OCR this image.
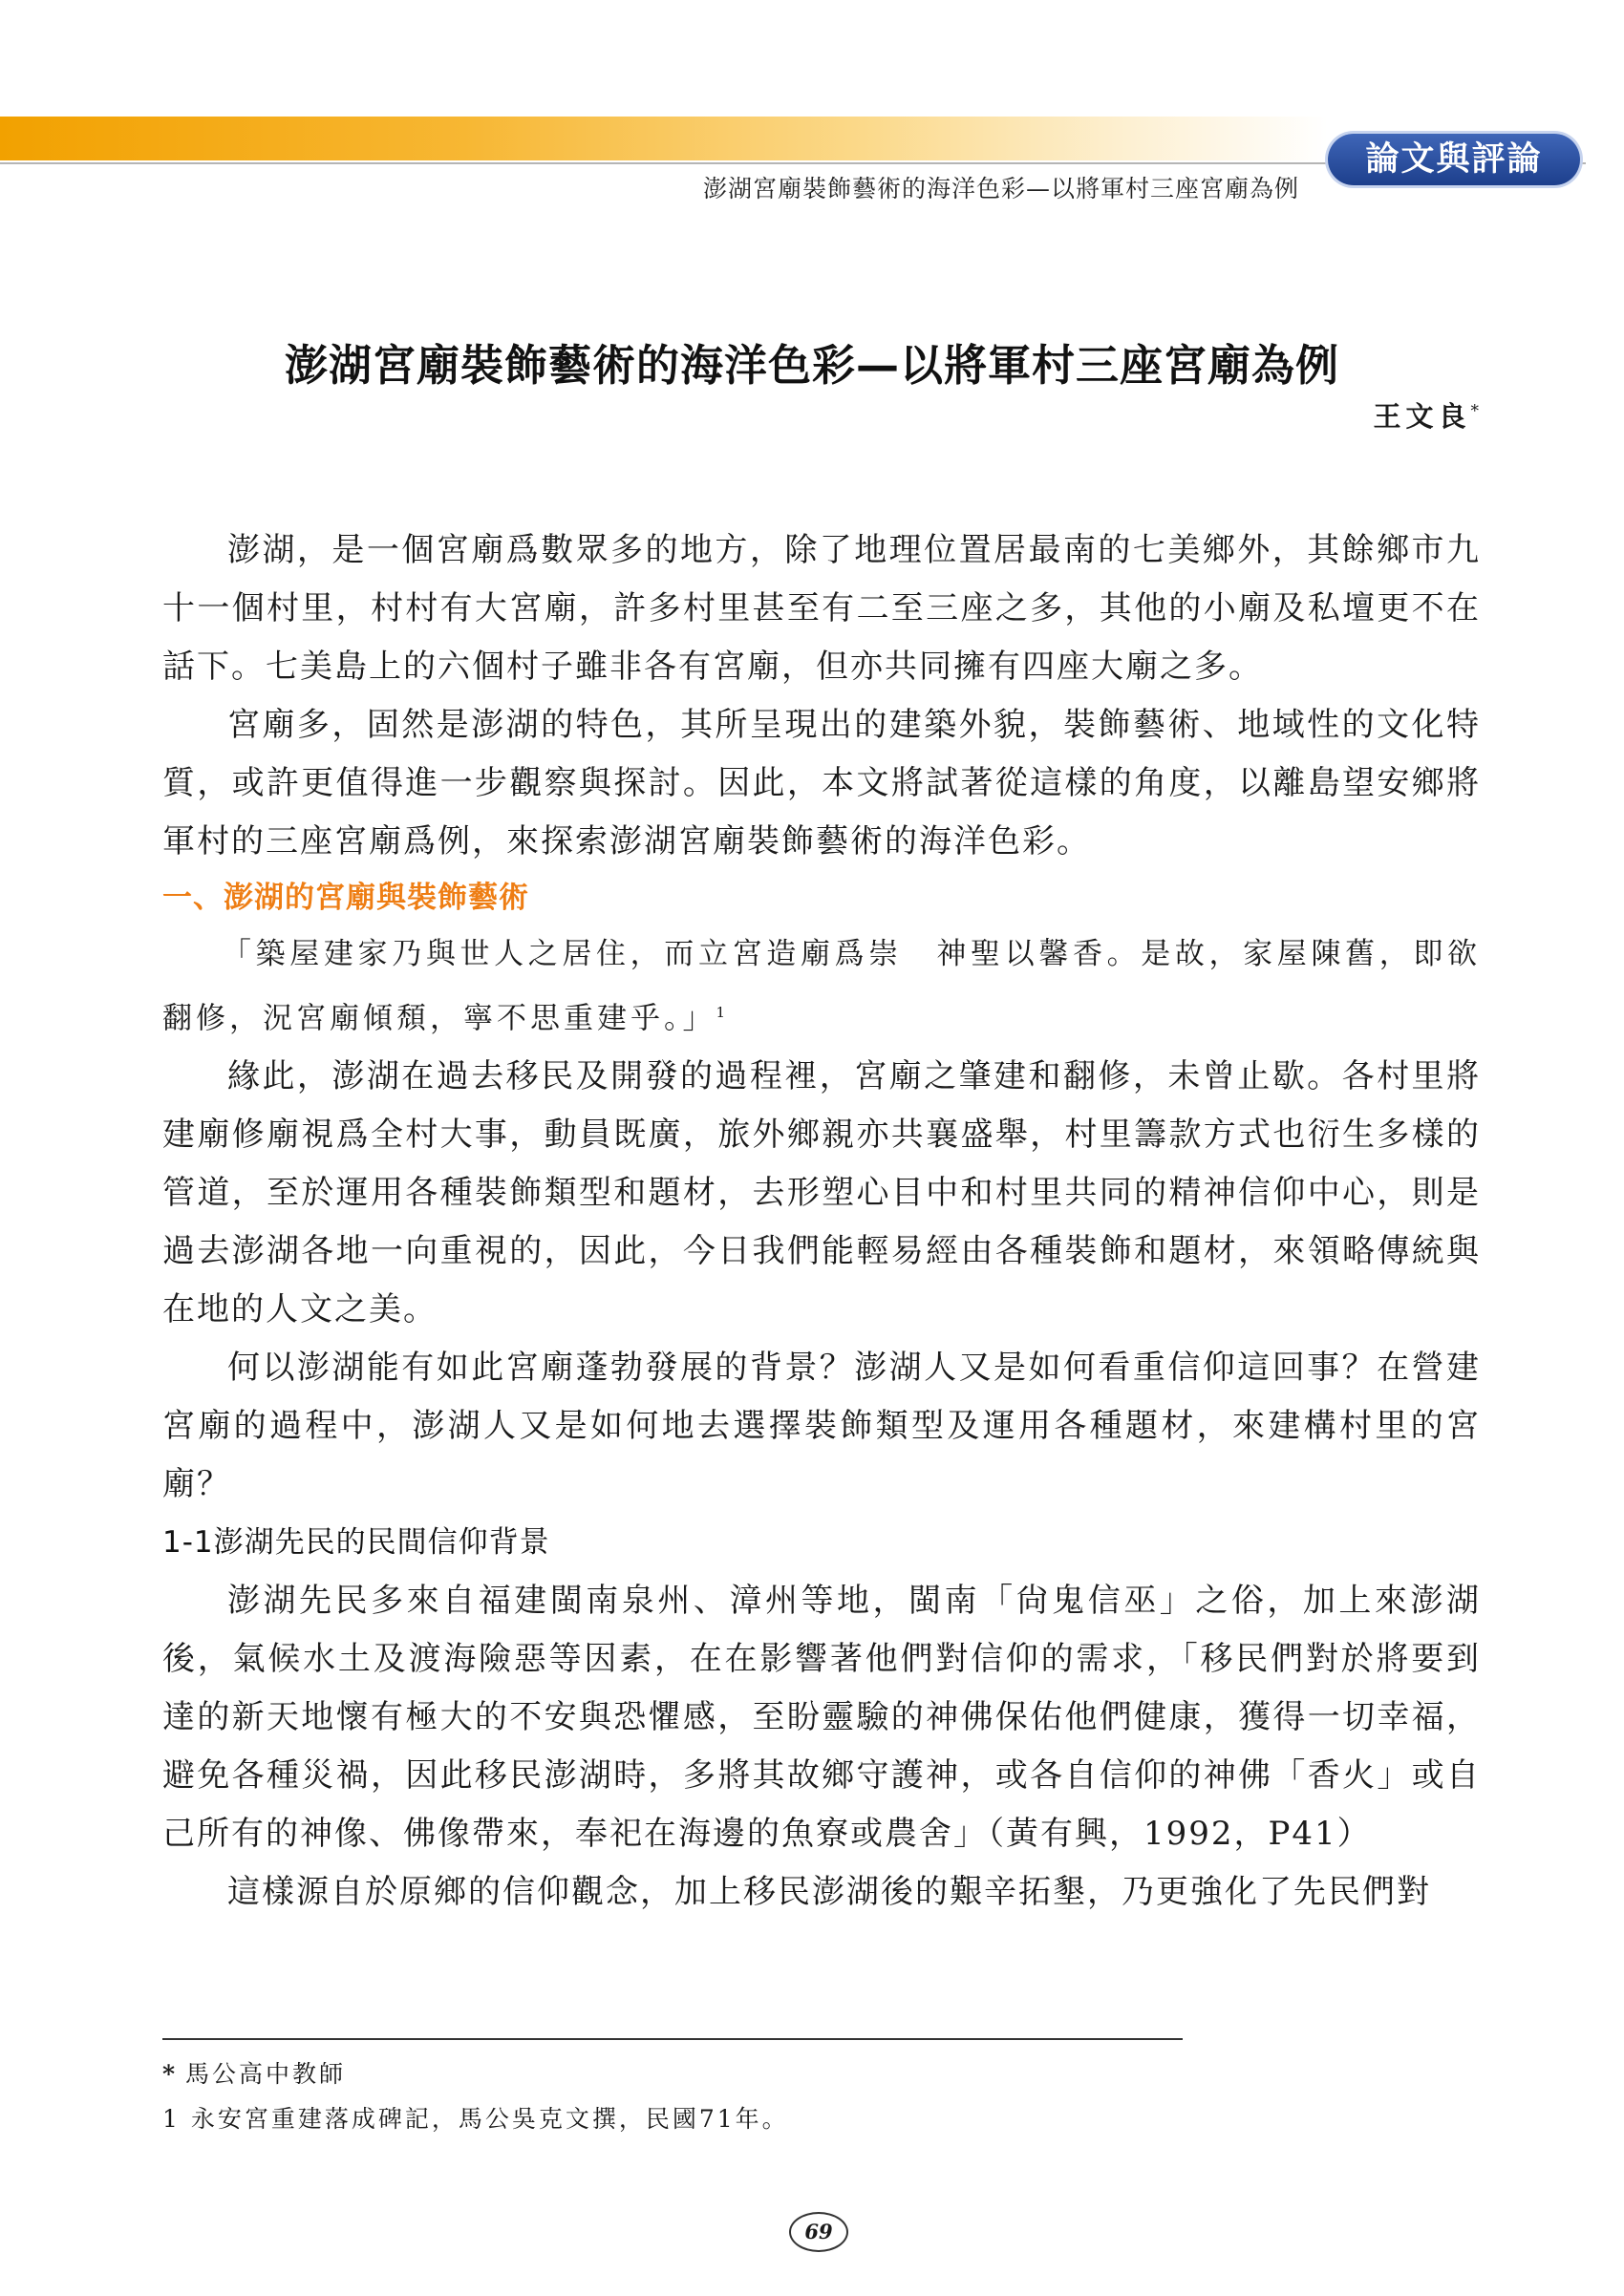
論文與評論
澎湖宮廟裝飾藝術的海洋色彩—以將軍村三座宮廟為例
澎湖宮廟裝飾藝術的海洋色彩—以將軍村三座宮廟為例
王文良*

澎湖，是一個宮廟爲數眾多的地方，除了地理位置居最南的七美鄉外，其餘鄉市九十一個村里，村村有大宮廟，許多村里甚至有二至三座之多，其他的小廟及私壇更不在話下。七美島上的六個村子雖非各有宮廟，但亦共同擁有四座大廟之多。

宮廟多，固然是澎湖的特色，其所呈現出的建築外貌，裝飾藝術、地域性的文化特質，或許更值得進一步觀察與探討。因此，本文將試著從這樣的角度，以離島望安鄉將軍村的三座宮廟爲例，來探索澎湖宮廟裝飾藝術的海洋色彩。

一、澎湖的宮廟與裝飾藝術

「築屋建家乃與世人之居住，而立宮造廟爲崇　神聖以馨香。是故，家屋陳舊，即欲翻修，況宮廟傾頹，寧不思重建乎。」$^1$

緣此，澎湖在過去移民及開發的過程裡，宮廟之肇建和翻修，未曾止歇。各村里將建廟修廟視爲全村大事，動員既廣，旅外鄉親亦共襄盛舉，村里籌款方式也衍生多樣的管道，至於運用各種裝飾類型和題材，去形塑心目中和村里共同的精神信仰中心，則是過去澎湖各地一向重視的，因此，今日我們能輕易經由各種裝飾和題材，來領略傳統與在地的人文之美。

何以澎湖能有如此宮廟蓬勃發展的背景？澎湖人又是如何看重信仰這回事？在營建宮廟的過程中，澎湖人又是如何地去選擇裝飾類型及運用各種題材，來建構村里的宮廟？

1-1澎湖先民的民間信仰背景

澎湖先民多來自福建閩南泉州、漳州等地，閩南「尙鬼信巫」之俗，加上來澎湖後，氣候水土及渡海險惡等因素，在在影響著他們對信仰的需求，「移民們對於將要到達的新天地懷有極大的不安與恐懼感，至盼靈驗的神佛保佑他們健康，獲得一切幸福，避免各種災禍，因此移民澎湖時，多將其故鄉守護神，或各自信仰的神佛「香火」或自己所有的神像、佛像帶來，奉祀在海邊的魚寮或農舍」（黃有興，1992，P41）

這樣源自於原鄉的信仰觀念，加上移民澎湖後的艱辛拓墾，乃更強化了先民們對

* 馬公高中教師
1 永安宮重建落成碑記，馬公吳克文撰，民國71年。
69
